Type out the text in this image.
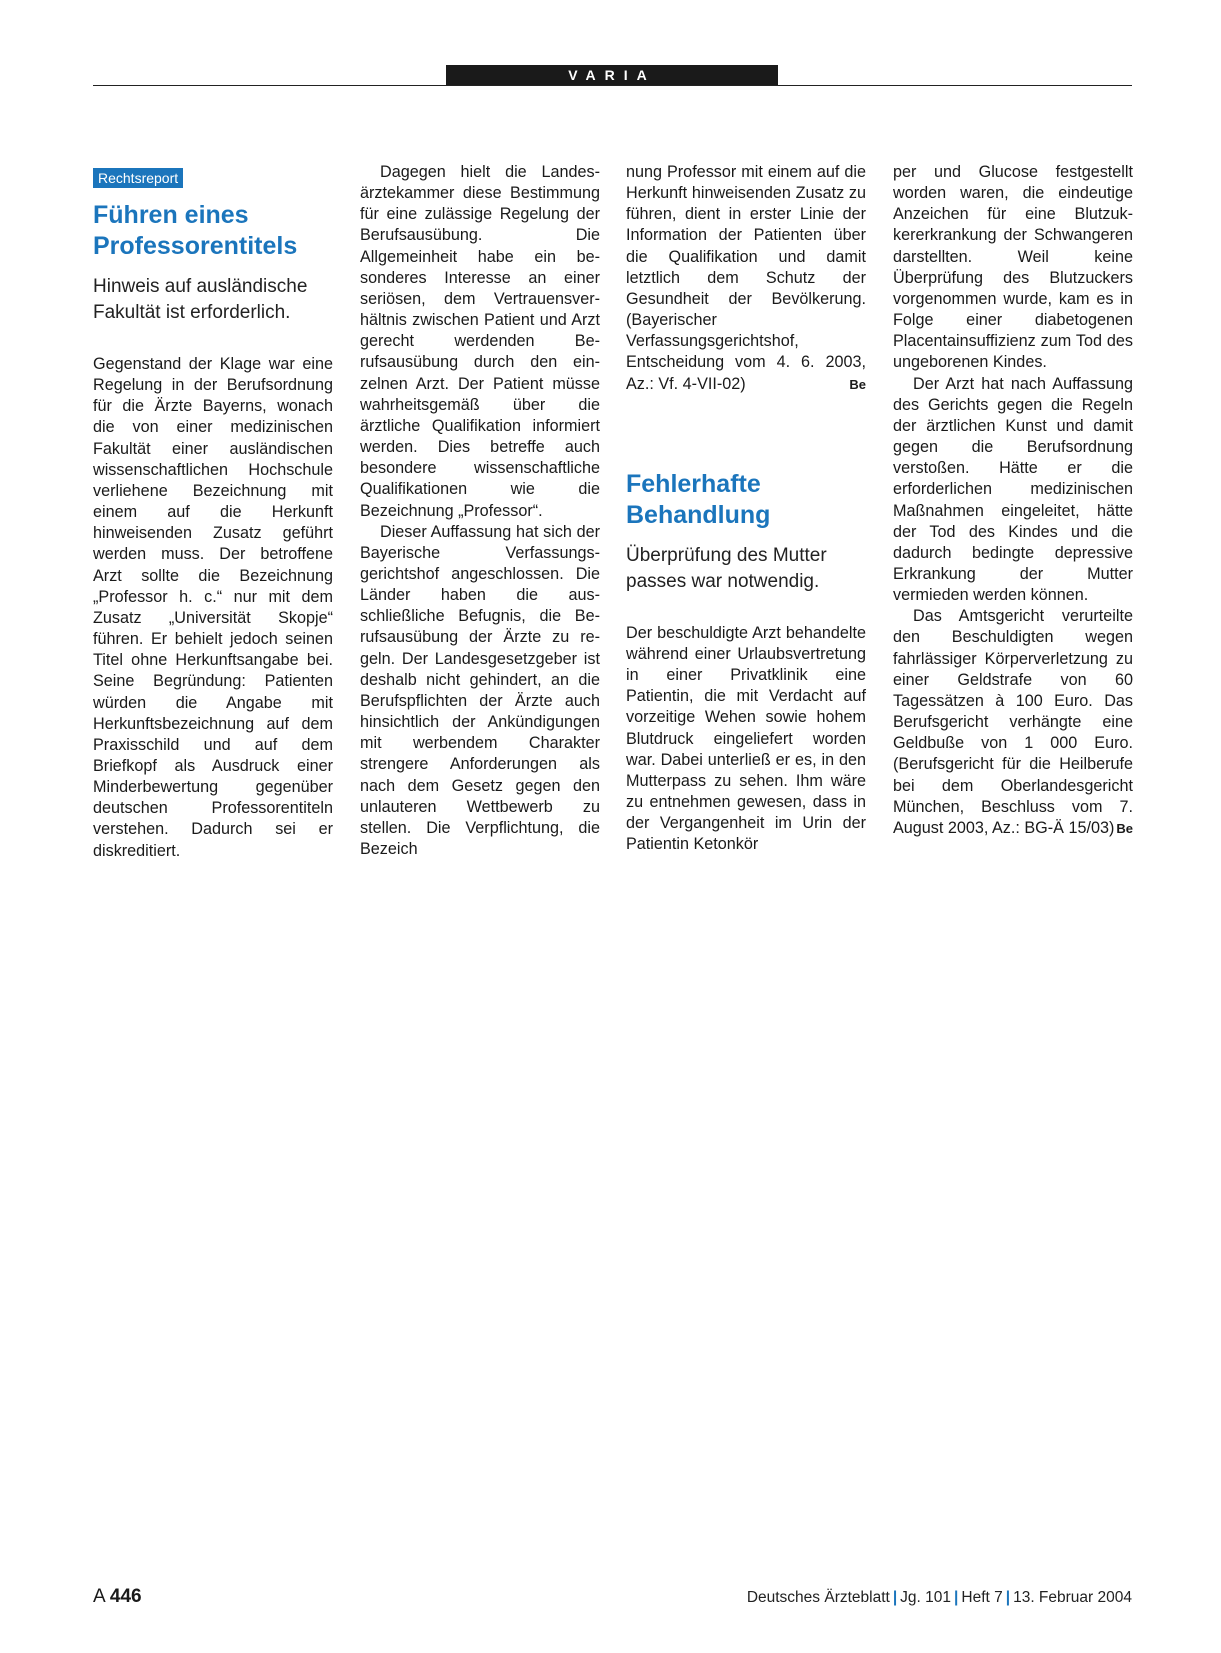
VARIA
Rechtsreport
Führen eines
Professorentitels

Hinweis auf ausländische
Fakultät ist erforderlich.

Gegenstand der Klage war eine Regelung in der Berufsordnung für die Ärzte Bayerns, wonach die von einer medizinischen Fakultät einer ausländischen wissenschaftlichen Hochschule verliehene Bezeichnung mit einem auf die Herkunft hinweisenden Zusatz geführt werden muss. Der betroffene Arzt sollte die Bezeichnung „Professor h. c.“ nur mit dem Zusatz „Universität Skopje“ führen. Er behielt jedoch seinen Titel ohne Herkunftsangabe bei. Seine Begründung: Patienten würden die Angabe mit Herkunftsbezeichnung auf dem Praxisschild und auf dem Briefkopf als Ausdruck einer Minderbewertung gegenüber deutschen Professorentiteln verstehen. Dadurch sei er diskreditiert.

Dagegen hielt die Landesärztekammer diese Bestimmung für eine zulässige Regelung der Berufsausübung. Die Allgemeinheit habe ein besonderes Interesse an einer seriösen, dem Vertrauensverhältnis zwischen Patient und Arzt gerecht werdenden Berufsausübung durch den einzelnen Arzt. Der Patient müsse wahrheitsgemäß über die ärztliche Qualifikation informiert werden. Dies betreffe auch besondere wissenschaftliche Qualifikationen wie die Bezeichnung „Professor“.

Dieser Auffassung hat sich der Bayerische Verfassungsgerichtshof angeschlossen. Die Länder haben die ausschließliche Befugnis, die Berufsausübung der Ärzte zu regeln. Der Landesgesetzgeber ist deshalb nicht gehindert, an die Berufspflichten der Ärzte auch hinsichtlich der Ankündigungen mit werbendem Charakter strengere Anforderungen als nach dem Gesetz gegen den unlauteren Wettbewerb zu stellen. Die Verpflichtung, die Bezeich

nung Professor mit einem auf die Herkunft hinweisenden Zusatz zu führen, dient in erster Linie der Information der Patienten über die Qualifikation und damit letztlich dem Schutz der Gesundheit der Bevölkerung. (Bayerischer Verfassungsgerichtshof, Entscheidung vom 4. 6. 2003, Az.: Vf. 4-VII-02)	Be
Fehlerhafte
Behandlung

Überprüfung des Mutter
passes war notwendig.

Der beschuldigte Arzt behandelte während einer Urlaubsvertretung in einer Privatklinik eine Patientin, die mit Verdacht auf vorzeitige Wehen sowie hohem Blutdruck eingeliefert worden war. Dabei unterließ er es, in den Mutterpass zu sehen. Ihm wäre zu entnehmen gewesen, dass in der Vergangenheit im Urin der Patientin Ketonkör

per und Glucose festgestellt worden waren, die eindeutige Anzeichen für eine Blutzukkererkrankung der Schwangeren darstellten. Weil keine Überprüfung des Blutzuckers vorgenommen wurde, kam es in Folge einer diabetogenen Placentainsuffizienz zum Tod des ungeborenen Kindes.

Der Arzt hat nach Auffassung des Gerichts gegen die Regeln der ärztlichen Kunst und damit gegen die Berufsordnung verstoßen. Hätte er die erforderlichen medizinischen Maßnahmen eingeleitet, hätte der Tod des Kindes und die dadurch bedingte depressive Erkrankung der Mutter vermieden werden können.

Das Amtsgericht verurteilte den Beschuldigten wegen fahrlässiger Körperverletzung zu einer Geldstrafe von 60 Tagessätzen à 100 Euro. Das Berufsgericht verhängte eine Geldbuße von 1 000 Euro. (Berufsgericht für die Heilberufe bei dem Oberlandesgericht München, Beschluss vom 7. August 2003, Az.: BG-Ä 15/03) Be
A 446	Deutsches Ärzteblatt | Jg. 101 | Heft 7 | 13. Februar 2004
